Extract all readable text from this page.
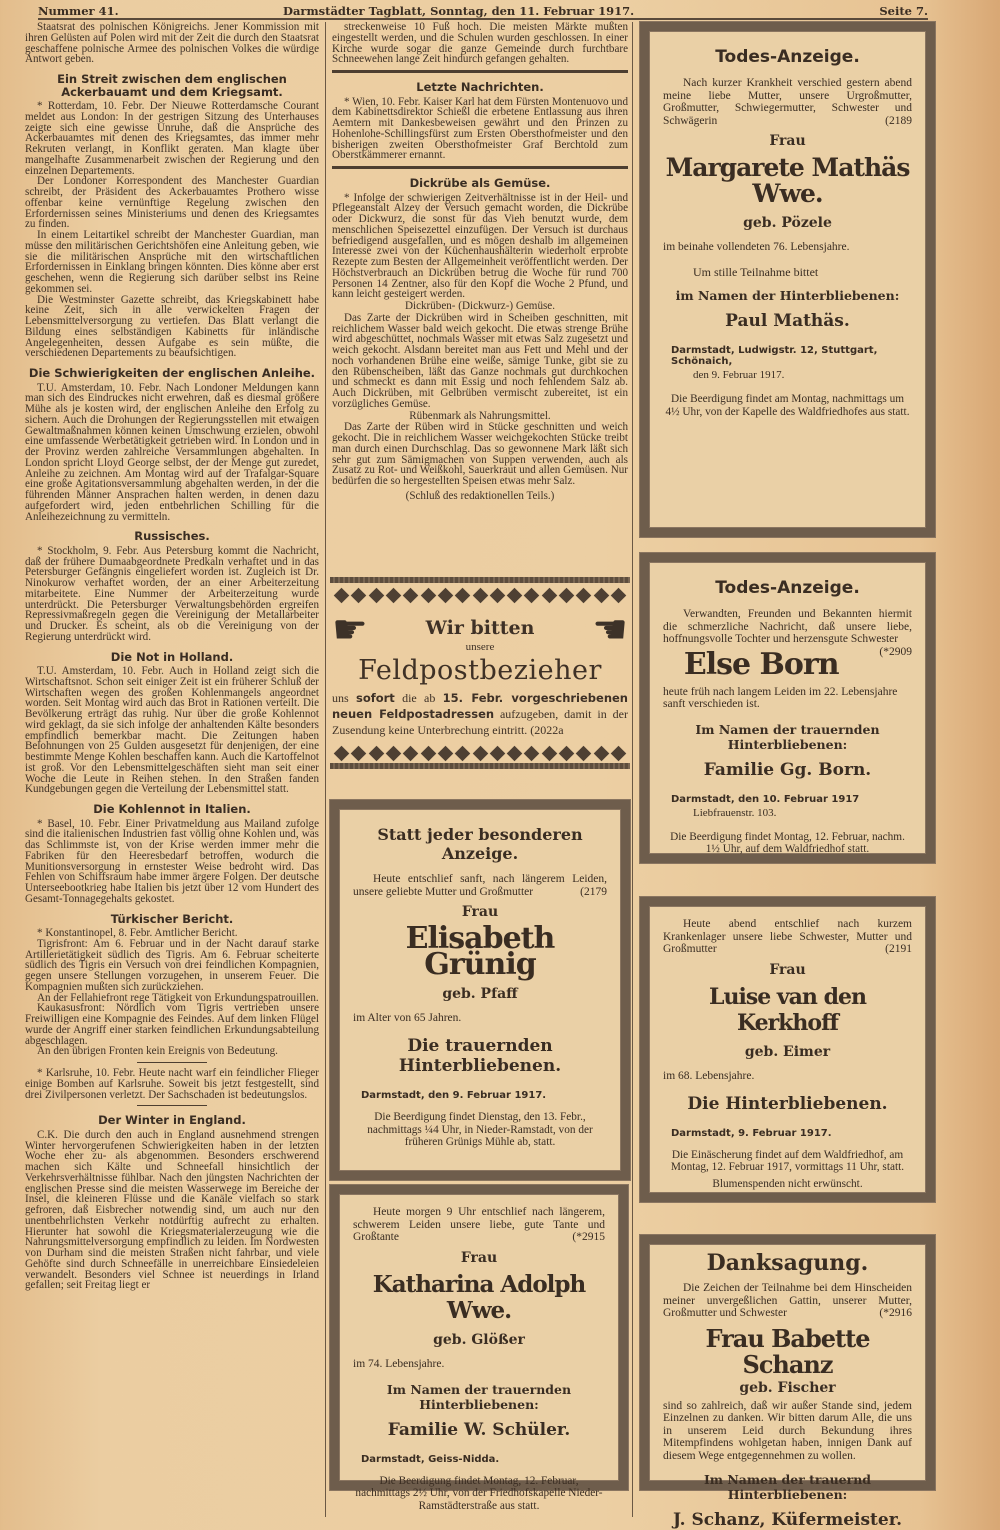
Nummer 41.	Darmstädter Tagblatt, Sonntag, den 11. Februar 1917.	Seite 7.

Staatsrat des polnischen Königreichs. Jener Kommission mit ihren Gelüsten auf Polen wird mit der Zeit die durch den Staatsrat geschaffene polnische Armee des polnischen Volkes die würdige Antwort geben.

Ein Streit zwischen dem englischen Ackerbauamt und dem Kriegsamt.

* Rotterdam, 10. Febr. Der Nieuwe Rotterdamsche Courant meldet aus London: In der gestrigen Sitzung des Unterhauses zeigte sich eine gewisse Unruhe, daß die Ansprüche des Ackerbauamtes mit denen des Kriegsamtes, das immer mehr Rekruten verlangt, in Konflikt geraten. Man klagte über mangelhafte Zusammenarbeit zwischen der Regierung und den einzelnen Departements.

Der Londoner Korrespondent des Manchester Guardian schreibt, der Präsident des Ackerbauamtes Prothero wisse offenbar keine vernünftige Regelung zwischen den Erfordernissen seines Ministeriums und denen des Kriegsamtes zu finden.

In einem Leitartikel schreibt der Manchester Guardian, man müsse den militärischen Gerichtshöfen eine Anleitung geben, wie sie die militärischen Ansprüche mit den wirtschaftlichen Erfordernissen in Einklang bringen könnten. Dies könne aber erst geschehen, wenn die Regierung sich darüber selbst ins Reine gekommen sei.

Die Westminster Gazette schreibt, das Kriegskabinett habe keine Zeit, sich in alle verwickelten Fragen der Lebensmittelversorgung zu vertiefen. Das Blatt verlangt die Bildung eines selbständigen Kabinetts für inländische Angelegenheiten, dessen Aufgabe es sein müßte, die verschiedenen Departements zu beaufsichtigen.

Die Schwierigkeiten der englischen Anleihe.

T.U. Amsterdam, 10. Febr. Nach Londoner Meldungen kann man sich des Eindruckes nicht erwehren, daß es diesmal größere Mühe als je kosten wird, der englischen Anleihe den Erfolg zu sichern. Auch die Drohungen der Regierungsstellen mit etwaigen Gewaltmaßnahmen können keinen Umschwung erzielen, obwohl eine umfassende Werbetätigkeit getrieben wird. In London und in der Provinz werden zahlreiche Versammlungen abgehalten. In London spricht Lloyd George selbst, der der Menge gut zuredet, Anleihe zu zeichnen. Am Montag wird auf der Trafalgar-Square eine große Agitationsversammlung abgehalten werden, in der die führenden Männer Ansprachen halten werden, in denen dazu aufgefordert wird, jeden entbehrlichen Schilling für die Anleihezeichnung zu vermitteln.

Russisches.

* Stockholm, 9. Febr. Aus Petersburg kommt die Nachricht, daß der frühere Dumaabgeordnete Predkaln verhaftet und in das Petersburger Gefängnis eingeliefert worden ist. Zugleich ist Dr. Ninokurow verhaftet worden, der an einer Arbeiterzeitung mitarbeitete. Eine Nummer der Arbeiterzeitung wurde unterdrückt. Die Petersburger Verwaltungsbehörden ergreifen Repressivmaßregeln gegen die Vereinigung der Metallarbeiter und Drucker. Es scheint, als ob die Vereinigung von der Regierung unterdrückt wird.

Die Not in Holland.

T.U. Amsterdam, 10. Febr. Auch in Holland zeigt sich die Wirtschaftsnot. Schon seit einiger Zeit ist ein früherer Schluß der Wirtschaften wegen des großen Kohlenmangels angeordnet worden. Seit Montag wird auch das Brot in Rationen verteilt. Die Bevölkerung erträgt das ruhig. Nur über die große Kohlennot wird geklagt, da sie sich infolge der anhaltenden Kälte besonders empfindlich bemerkbar macht. Die Zeitungen haben Belohnungen von 25 Gulden ausgesetzt für denjenigen, der eine bestimmte Menge Kohlen beschaffen kann. Auch die Kartoffelnot ist groß. Vor den Lebensmittelgeschäften sieht man seit einer Woche die Leute in Reihen stehen. In den Straßen fanden Kundgebungen gegen die Verteilung der Lebensmittel statt.

Die Kohlennot in Italien.

* Basel, 10. Febr. Einer Privatmeldung aus Mailand zufolge sind die italienischen Industrien fast völlig ohne Kohlen und, was das Schlimmste ist, von der Krise werden immer mehr die Fabriken für den Heeresbedarf betroffen, wodurch die Munitionsversorgung in ernstester Weise bedroht wird. Das Fehlen von Schiffsraum habe immer ärgere Folgen. Der deutsche Unterseebootkrieg habe Italien bis jetzt über 12 vom Hundert des Gesamt-Tonnagegehalts gekostet.

Türkischer Bericht.

* Konstantinopel, 8. Febr. Amtlicher Bericht.

Tigrisfront: Am 6. Februar und in der Nacht darauf starke Artillerietätigkeit südlich des Tigris. Am 6. Februar scheiterte südlich des Tigris ein Versuch von drei feindlichen Kompagnien, gegen unsere Stellungen vorzugehen, in unserem Feuer. Die Kompagnien mußten sich zurückziehen.

An der Fellahiefront rege Tätigkeit von Erkundungspatrouillen.

Kaukasusfront: Nördlich vom Tigris vertrieben unsere Freiwilligen eine Kompagnie des Feindes. Auf dem linken Flügel wurde der Angriff einer starken feindlichen Erkundungsabteilung abgeschlagen.

An den übrigen Fronten kein Ereignis von Bedeutung.

* Karlsruhe, 10. Febr. Heute nacht warf ein feindlicher Flieger einige Bomben auf Karlsruhe. Soweit bis jetzt festgestellt, sind drei Zivilpersonen verletzt. Der Sachschaden ist bedeutungslos.

Der Winter in England.

C.K. Die durch den auch in England ausnehmend strengen Winter hervorgerufenen Schwierigkeiten haben in der letzten Woche eher zu- als abgenommen. Besonders erschwerend machen sich Kälte und Schneefall hinsichtlich der Verkehrsverhältnisse fühlbar. Nach den jüngsten Nachrichten der englischen Presse sind die meisten Wasserwege im Bereiche der Insel, die kleineren Flüsse und die Kanäle vielfach so stark gefroren, daß Eisbrecher notwendig sind, um auch nur den unentbehrlichsten Verkehr notdürftig aufrecht zu erhalten. Hierunter hat sowohl die Kriegsmaterialerzeugung wie die Nahrungsmittelversorgung empfindlich zu leiden. Im Nordwesten von Durham sind die meisten Straßen nicht fahrbar, und viele Gehöfte sind durch Schneefälle in unerreichbare Einsiedeleien verwandelt. Besonders viel Schnee ist neuerdings in Irland gefallen; seit Freitag liegt er

streckenweise 10 Fuß hoch. Die meisten Märkte mußten eingestellt werden, und die Schulen wurden geschlossen. In einer Kirche wurde sogar die ganze Gemeinde durch furchtbare Schneewehen lange Zeit hindurch gefangen gehalten.

Letzte Nachrichten.

* Wien, 10. Febr. Kaiser Karl hat dem Fürsten Montenuovo und dem Kabinettsdirektor Schießl die erbetene Entlassung aus ihren Aemtern mit Dankesbeweisen gewährt und den Prinzen zu Hohenlohe-Schillingsfürst zum Ersten Obersthofmeister und den bisherigen zweiten Obersthofmeister Graf Berchtold zum Oberstkämmerer ernannt.

Dickrübe als Gemüse.

* Infolge der schwierigen Zeitverhältnisse ist in der Heil- und Pflegeanstalt Alzey der Versuch gemacht worden, die Dickrübe oder Dickwurz, die sonst für das Vieh benutzt wurde, dem menschlichen Speisezettel einzufügen. Der Versuch ist durchaus befriedigend ausgefallen, und es mögen deshalb im allgemeinen Interesse zwei von der Küchenhaushälterin wiederholt erprobte Rezepte zum Besten der Allgemeinheit veröffentlicht werden. Der Höchstverbrauch an Dickrüben betrug die Woche für rund 700 Personen 14 Zentner, also für den Kopf die Woche 2 Pfund, und kann leicht gesteigert werden.

Dickrüben- (Dickwurz-) Gemüse.

Das Zarte der Dickrüben wird in Scheiben geschnitten, mit reichlichem Wasser bald weich gekocht. Die etwas strenge Brühe wird abgeschüttet, nochmals Wasser mit etwas Salz zugesetzt und weich gekocht. Alsdann bereitet man aus Fett und Mehl und der noch vorhandenen Brühe eine weiße, sämige Tunke, gibt sie zu den Rübenscheiben, läßt das Ganze nochmals gut durchkochen und schmeckt es dann mit Essig und noch fehlendem Salz ab. Auch Dickrüben, mit Gelbrüben vermischt zubereitet, ist ein vorzügliches Gemüse.

Rübenmark als Nahrungsmittel.

Das Zarte der Rüben wird in Stücke geschnitten und weich gekocht. Die in reichlichem Wasser weichgekochten Stücke treibt man durch einen Durchschlag. Das so gewonnene Mark läßt sich sehr gut zum Sämigmachen von Suppen verwenden, auch als Zusatz zu Rot- und Weißkohl, Sauerkraut und allen Gemüsen. Nur bedürfen die so hergestellten Speisen etwas mehr Salz.

(Schluß des redaktionellen Teils.)

☛	☚
Wir bitten
unsere
Feldpostbezieher
uns sofort die ab 15. Febr. vorgeschriebenen neuen Feldpostadressen aufzugeben, damit in der Zusendung keine Unterbrechung eintritt. (2022a
Statt jeder besonderen Anzeige.
Heute entschlief sanft, nach längerem Leiden, unsere geliebte Mutter und Großmutter	(2179
Frau
Elisabeth Grünig
geb. Pfaff
im Alter von 65 Jahren.
Die trauernden Hinterbliebenen.
Darmstadt, den 9. Februar 1917.
Die Beerdigung findet Dienstag, den 13. Febr., nachmittags ¼4 Uhr, in Nieder-Ramstadt, von der früheren Grünigs Mühle ab, statt.
Heute morgen 9 Uhr entschlief nach längerem, schwerem Leiden unsere liebe, gute Tante und Großtante	(*2915
Frau
Katharina Adolph Wwe.
geb. Glößer
im 74. Lebensjahre.
Im Namen der trauernden Hinterbliebenen:
Familie W. Schüler.
Darmstadt, Geiss-Nidda.
Die Beerdigung findet Montag, 12. Februar, nachmittags 2½ Uhr, von der Friedhofskapelle Nieder-Ramstädterstraße aus statt.
Todes-Anzeige.
Nach kurzer Krankheit verschied gestern abend meine liebe Mutter, unsere Urgroßmutter, Großmutter, Schwiegermutter, Schwester und Schwägerin	(2189
Frau
Margarete Mathäs Wwe.
geb. Pözele
im beinahe vollendeten 76. Lebensjahre.
Um stille Teilnahme bittet
im Namen der Hinterbliebenen:
Paul Mathäs.
Darmstadt, Ludwigstr. 12, Stuttgart, Schönaich,
den 9. Februar 1917.
Die Beerdigung findet am Montag, nachmittags um 4½ Uhr, von der Kapelle des Waldfriedhofes aus statt.
Todes-Anzeige.
Verwandten, Freunden und Bekannten hiermit die schmerzliche Nachricht, daß unsere liebe, hoffnungsvolle Tochter und herzensgute Schwester
(*2909
Else Born
heute früh nach langem Leiden im 22. Lebensjahre sanft verschieden ist.
Im Namen der trauernden Hinterbliebenen:
Familie Gg. Born.
Darmstadt, den 10. Februar 1917
Liebfrauenstr. 103.
Die Beerdigung findet Montag, 12. Februar, nachm. 1½ Uhr, auf dem Waldfriedhof statt.
Heute abend entschlief nach kurzem Krankenlager unsere liebe Schwester, Mutter und Großmutter	(2191
Frau
Luise van den Kerkhoff
geb. Eimer
im 68. Lebensjahre.
Die Hinterbliebenen.
Darmstadt, 9. Februar 1917.
Die Einäscherung findet auf dem Waldfriedhof, am Montag, 12. Februar 1917, vormittags 11 Uhr, statt.
Blumenspenden nicht erwünscht.
Danksagung.
Die Zeichen der Teilnahme bei dem Hinscheiden meiner unvergeßlichen Gattin, unserer Mutter, Großmutter und Schwester	(*2916
Frau Babette Schanz
geb. Fischer
sind so zahlreich, daß wir außer Stande sind, jedem Einzelnen zu danken. Wir bitten darum Alle, die uns in unserem Leid durch Bekundung ihres Mitempfindens wohlgetan haben, innigen Dank auf diesem Wege entgegennehmen zu wollen.
Im Namen der trauernd Hinterbliebenen:
J. Schanz, Küfermeister.
